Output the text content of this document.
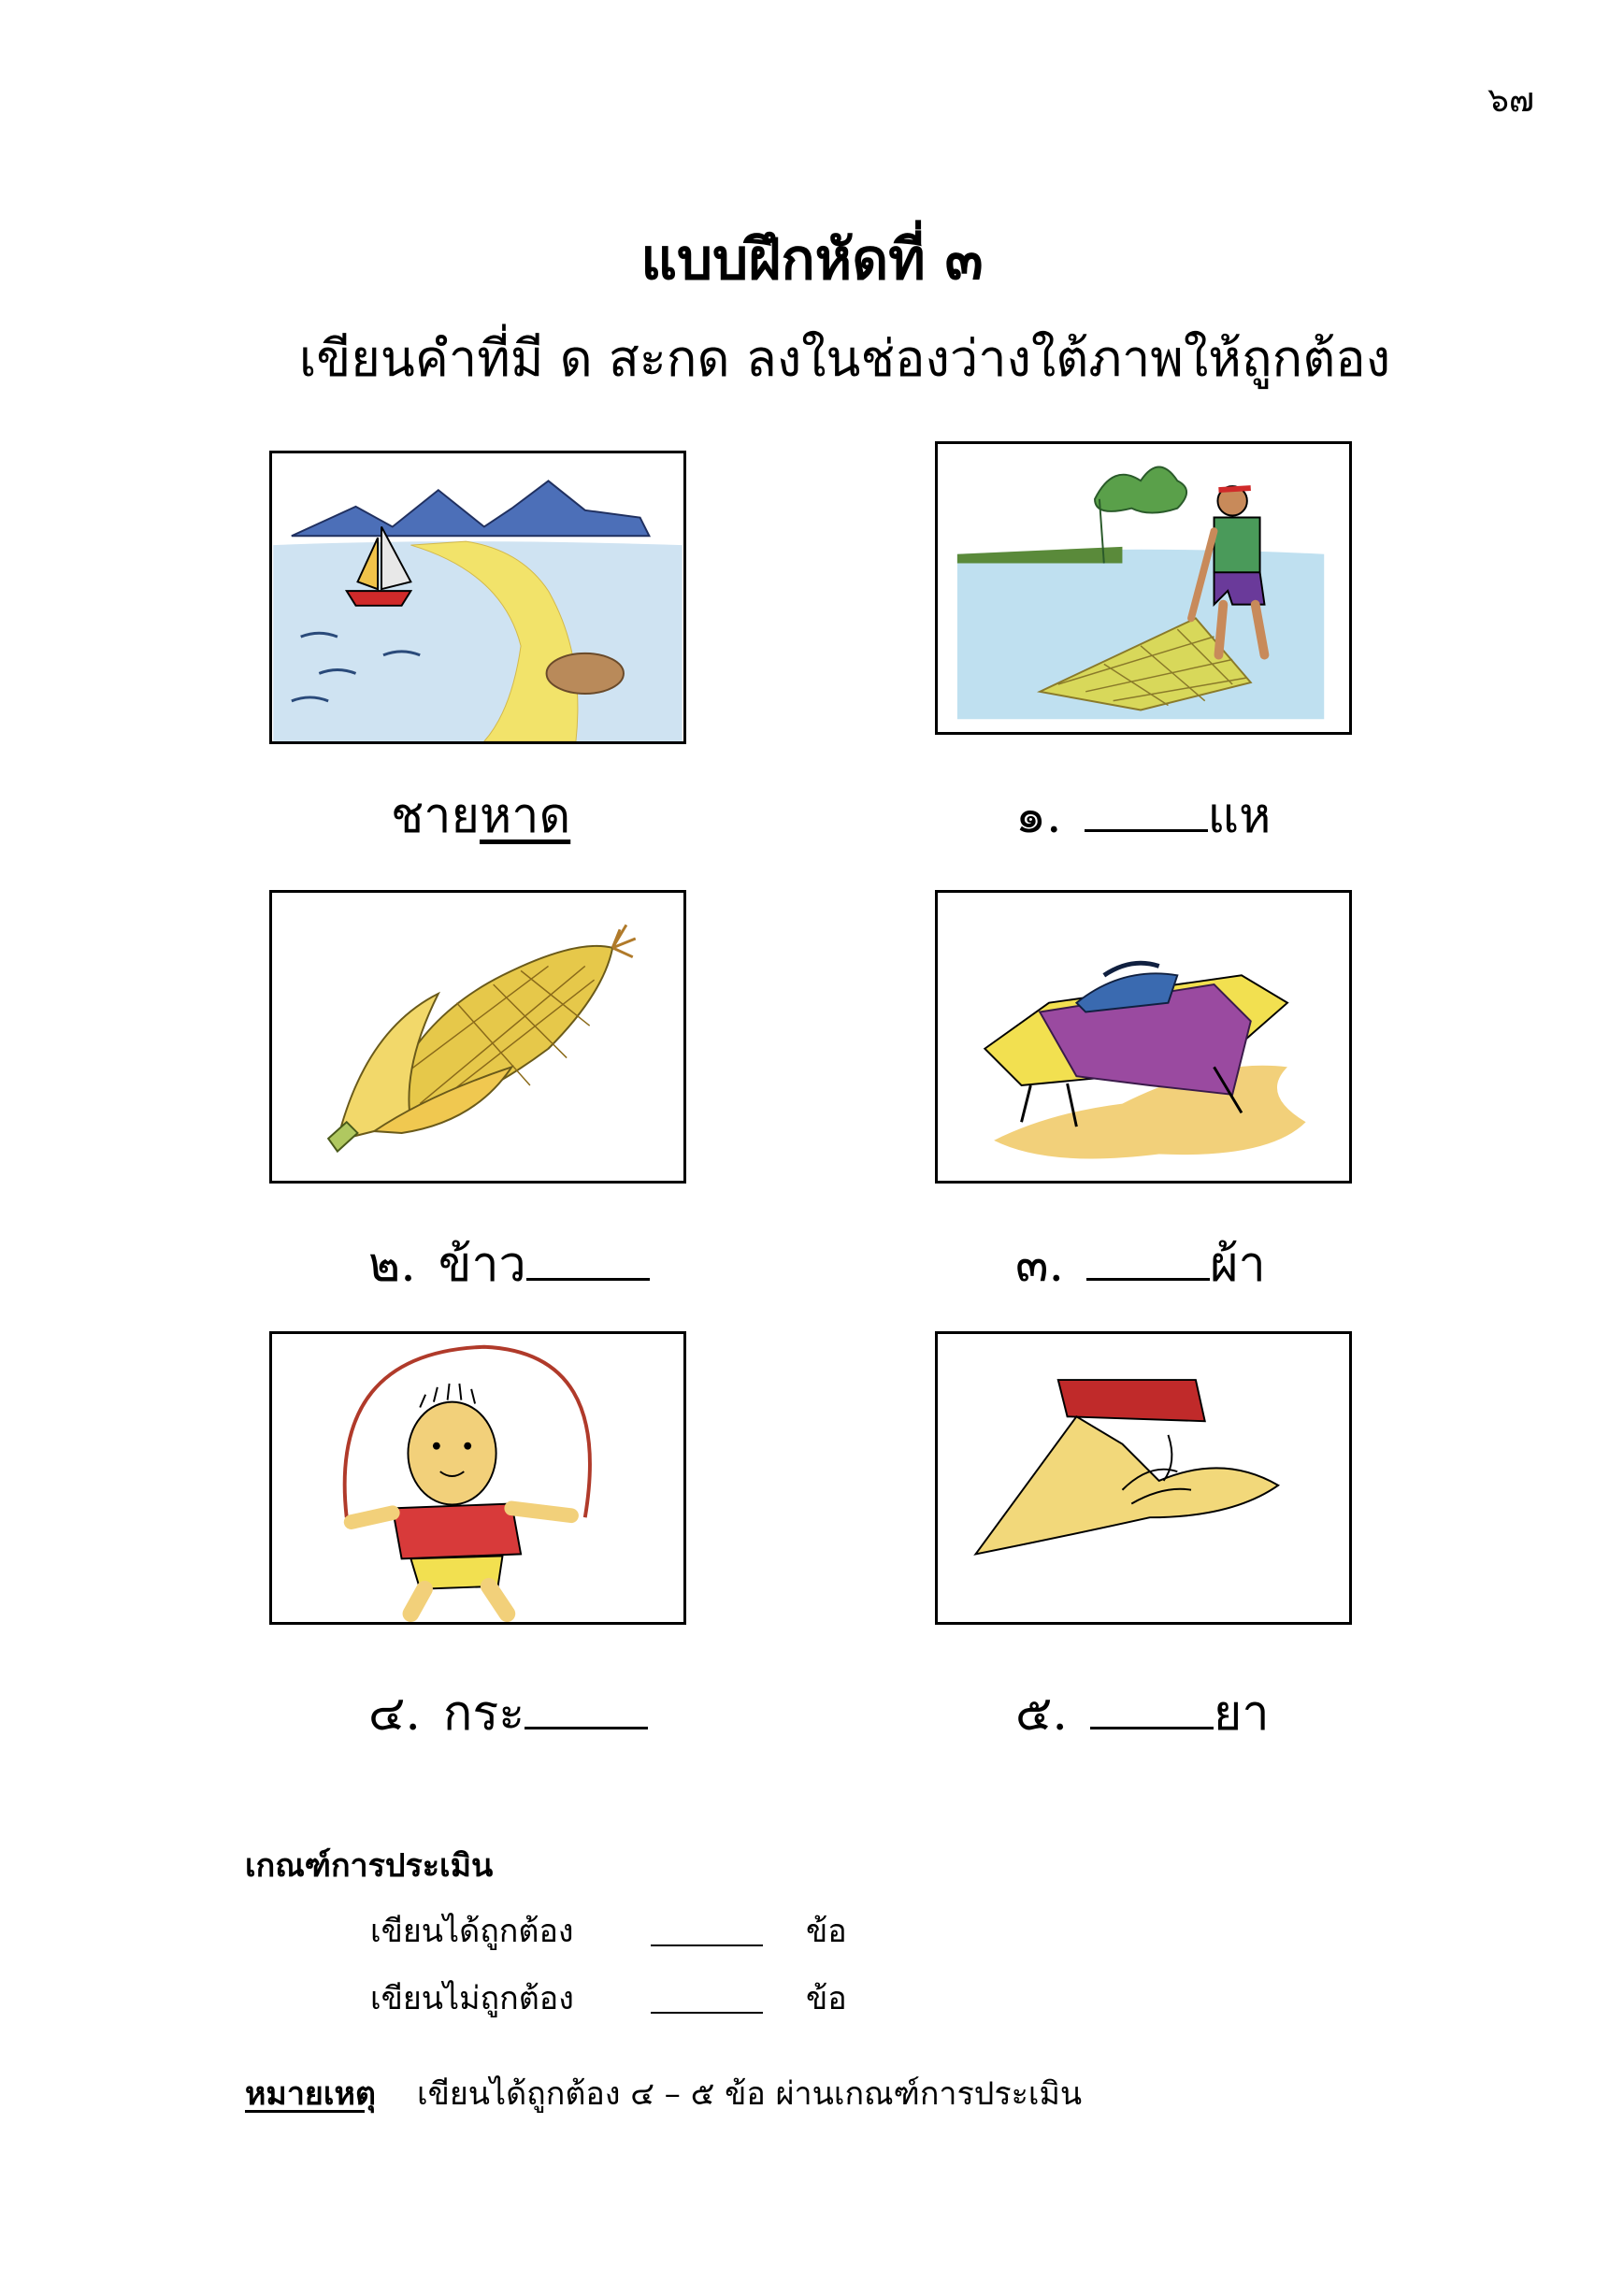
๖๗
แบบฝึกหัดที่ ๓
เขียนคำที่มี ด สะกด ลงในช่องว่างใต้ภาพให้ถูกต้อง
ชายหาด	๑.	แห
๒. ข้าว	๓.	ผ้า
๔. กระ	๕.	ยา
เกณฑ์การประเมิน
เขียนได้ถูกต้อง	ข้อ
เขียนไม่ถูกต้อง	ข้อ
หมายเหตุ เขียนได้ถูกต้อง ๔ – ๕ ข้อ ผ่านเกณฑ์การประเมิน
